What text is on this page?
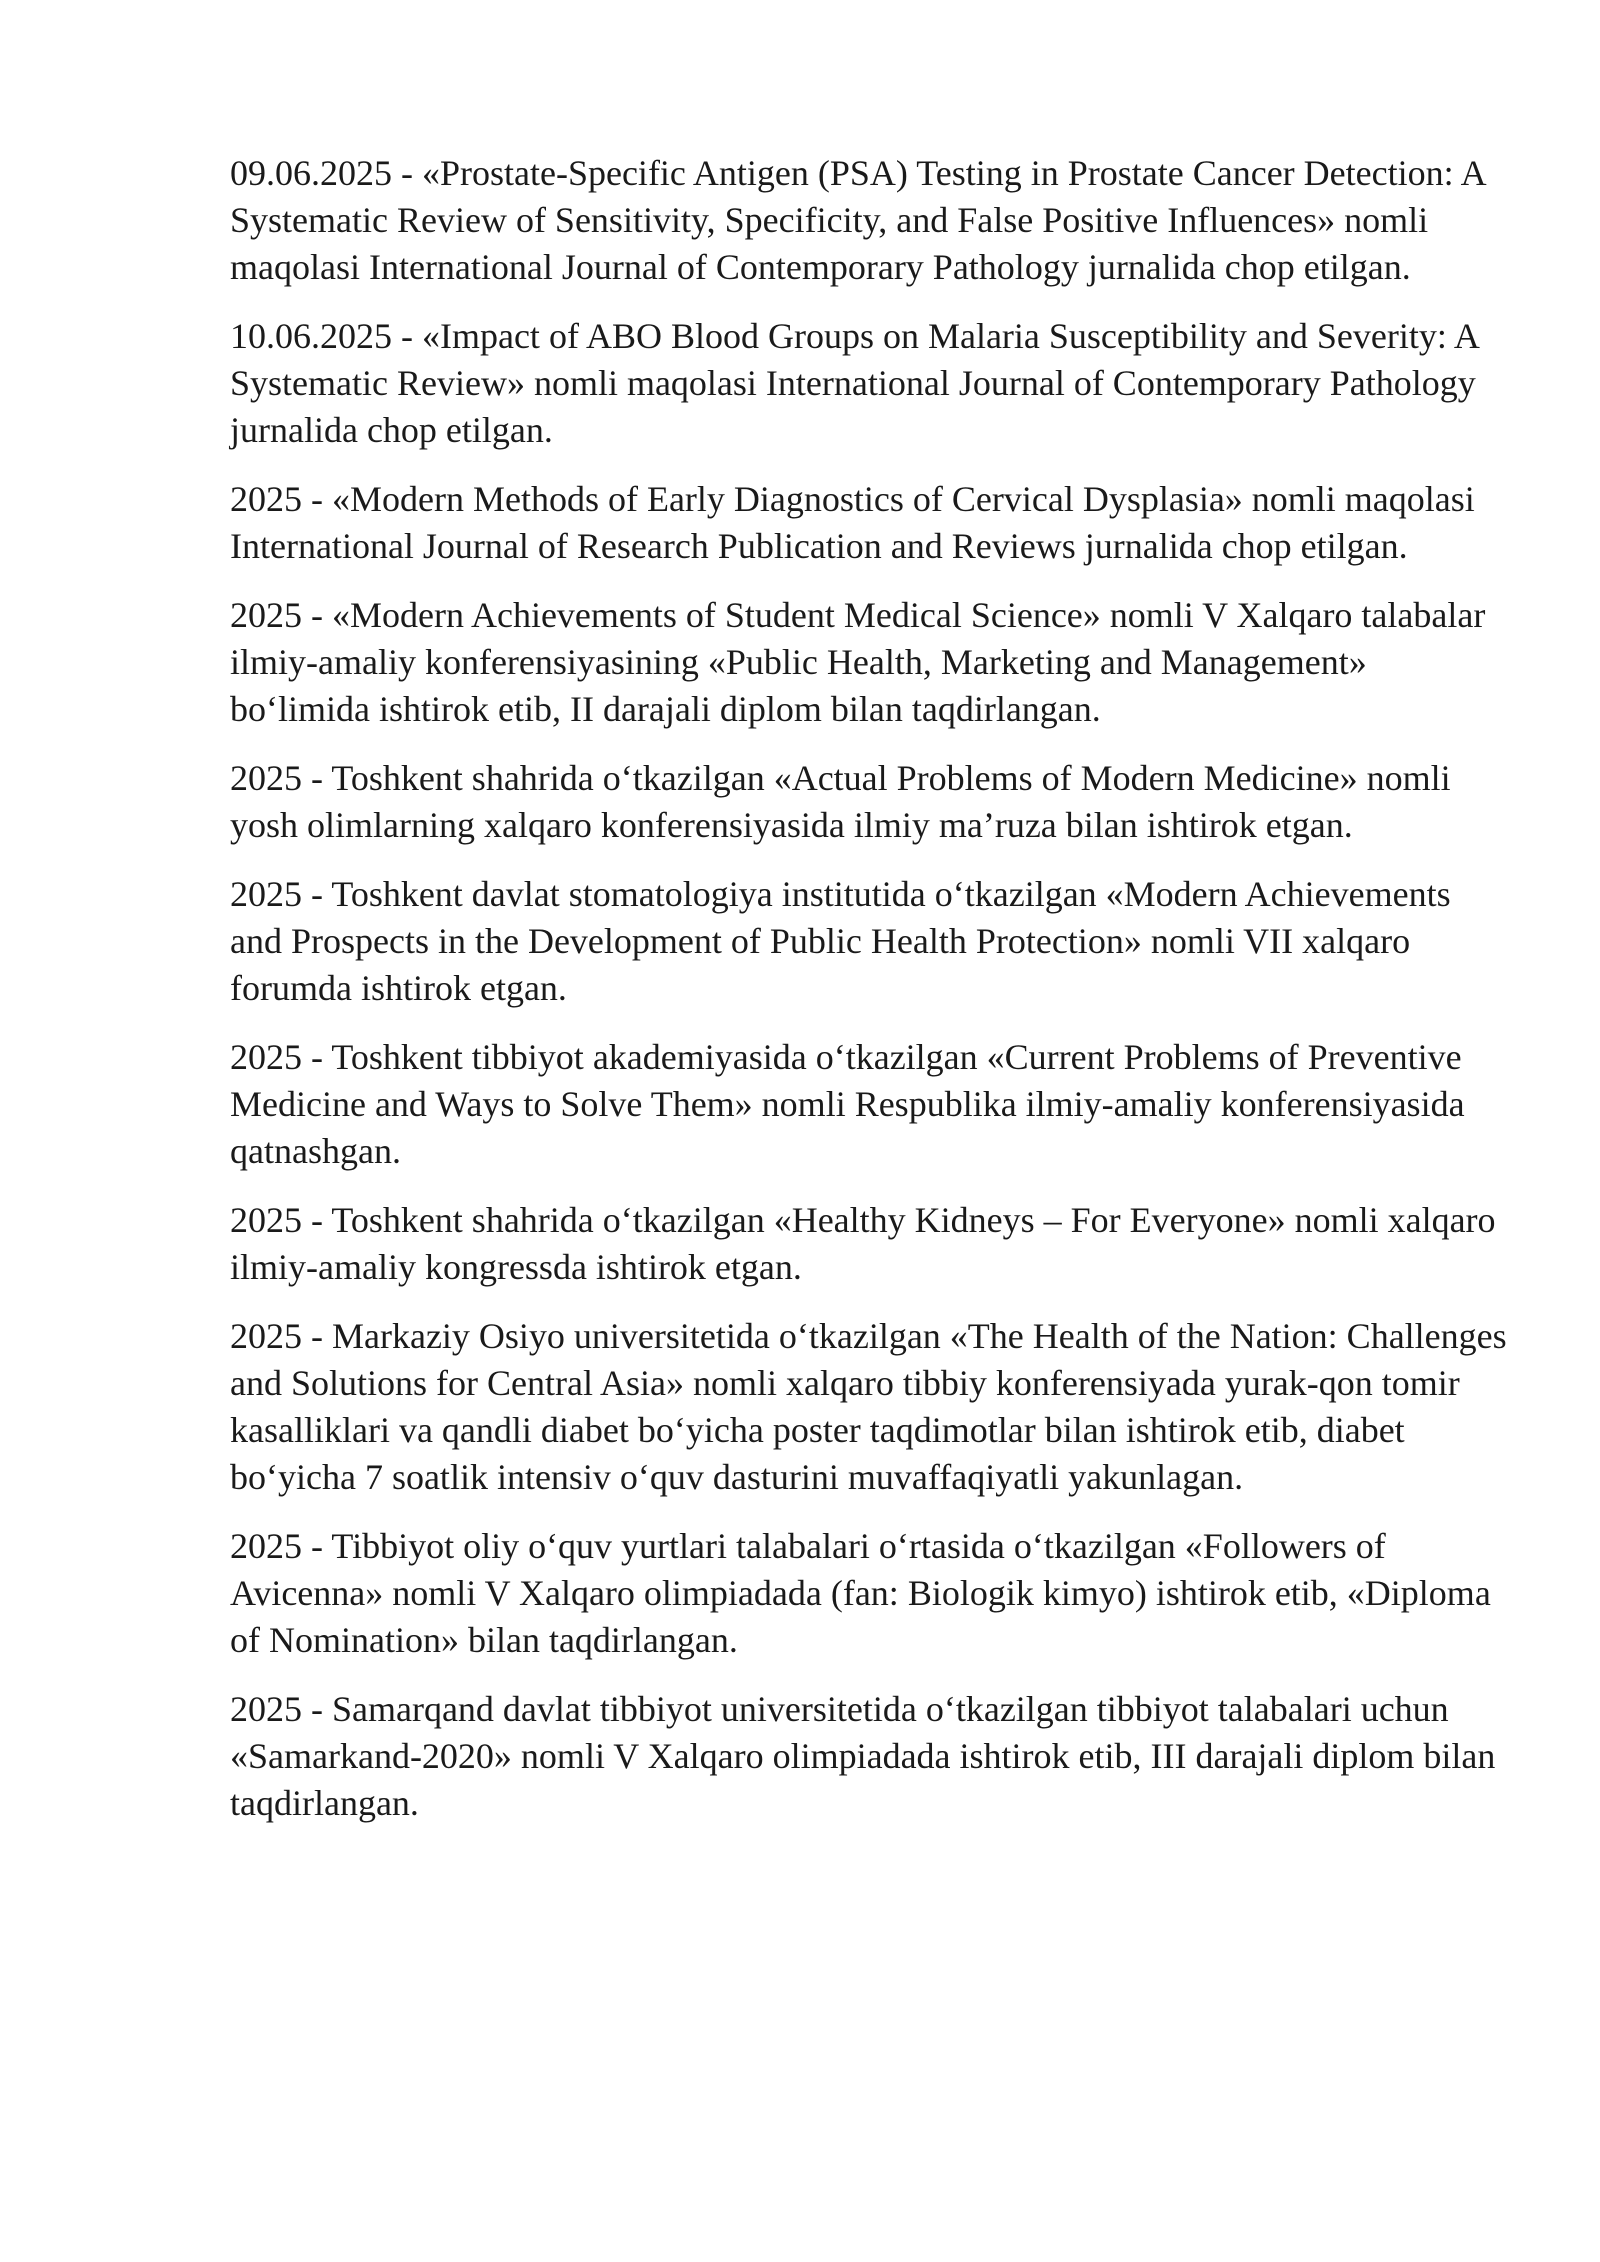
09.06.2025 - «Prostate-Specific Antigen (PSA) Testing in Prostate Cancer Detection: A Systematic Review of Sensitivity, Specificity, and False Positive Influences» nomli maqolasi International Journal of Contemporary Pathology jurnalida chop etilgan.

10.06.2025 - «Impact of ABO Blood Groups on Malaria Susceptibility and Severity: A Systematic Review» nomli maqolasi International Journal of Contemporary Pathology jurnalida chop etilgan.

2025 - «Modern Methods of Early Diagnostics of Cervical Dysplasia» nomli maqolasi International Journal of Research Publication and Reviews jurnalida chop etilgan.

2025 - «Modern Achievements of Student Medical Science» nomli V Xalqaro talabalar ilmiy-amaliy konferensiyasining «Public Health, Marketing and Management» bo‘limida ishtirok etib, II darajali diplom bilan taqdirlangan.

2025 - Toshkent shahrida o‘tkazilgan «Actual Problems of Modern Medicine» nomli yosh olimlarning xalqaro konferensiyasida ilmiy ma’ruza bilan ishtirok etgan.

2025 - Toshkent davlat stomatologiya institutida o‘tkazilgan «Modern Achievements and Prospects in the Development of Public Health Protection» nomli VII xalqaro forumda ishtirok etgan.

2025 - Toshkent tibbiyot akademiyasida o‘tkazilgan «Current Problems of Preventive Medicine and Ways to Solve Them» nomli Respublika ilmiy-amaliy konferensiyasida qatnashgan.

2025 - Toshkent shahrida o‘tkazilgan «Healthy Kidneys – For Everyone» nomli xalqaro ilmiy-amaliy kongressda ishtirok etgan.

2025 - Markaziy Osiyo universitetida o‘tkazilgan «The Health of the Nation: Challenges and Solutions for Central Asia» nomli xalqaro tibbiy konferensiyada yurak-qon tomir kasalliklari va qandli diabet bo‘yicha poster taqdimotlar bilan ishtirok etib, diabet bo‘yicha 7 soatlik intensiv o‘quv dasturini muvaffaqiyatli yakunlagan.

2025 - Tibbiyot oliy o‘quv yurtlari talabalari o‘rtasida o‘tkazilgan «Followers of Avicenna» nomli V Xalqaro olimpiadada (fan: Biologik kimyo) ishtirok etib, «Diploma of Nomination» bilan taqdirlangan.

2025 - Samarqand davlat tibbiyot universitetida o‘tkazilgan tibbiyot talabalari uchun «Samarkand-2020» nomli V Xalqaro olimpiadada ishtirok etib, III darajali diplom bilan taqdirlangan.
